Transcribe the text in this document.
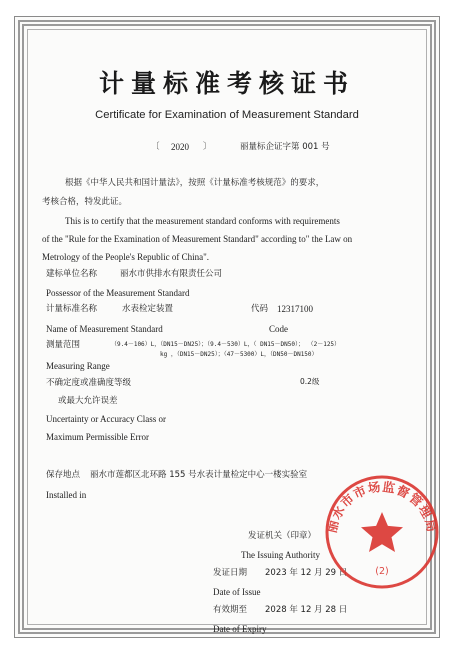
计量标准考核证书
Certificate for Examination of Measurement Standard
〔 2020 〕	丽量标企证字第 001 号
根据《中华人民共和国计量法》，按照《计量标准考核规范》的要求，
考核合格，特发此证。
This is to certify that the measurement standard conforms with requirements
of the "Rule for the Examination of Measurement Standard" according to" the Law on
Metrology of the People's Republic of China".
建标单位名称	丽水市供排水有限责任公司
Possessor of the Measurement Standard
计量标准名称	水表检定装置	代码 12317100
Name of Measurement Standard	Code
测量范围	（9.4－106）L，（DN15－DN25）；（9.4－530）L，（ DN15－DN50）； （2－125）
kg ，（DN15－DN25）；（47－5300）L，（DN50－DN150）
Measuring Range
不确定度或准确度等级	0.2级
或最大允许误差
Uncertainty or Accuracy Class or
Maximum Permissible Error
保存地点 丽水市莲都区北环路 155 号水表计量检定中心一楼实验室
Installed in
发证机关（印章）
The Issuing Authority
发证日期 2023 年 12 月 29 日
Date of Issue
有效期至 2028 年 12 月 28 日
Date of Expiry
丽水市市场监督管理局
(2)
